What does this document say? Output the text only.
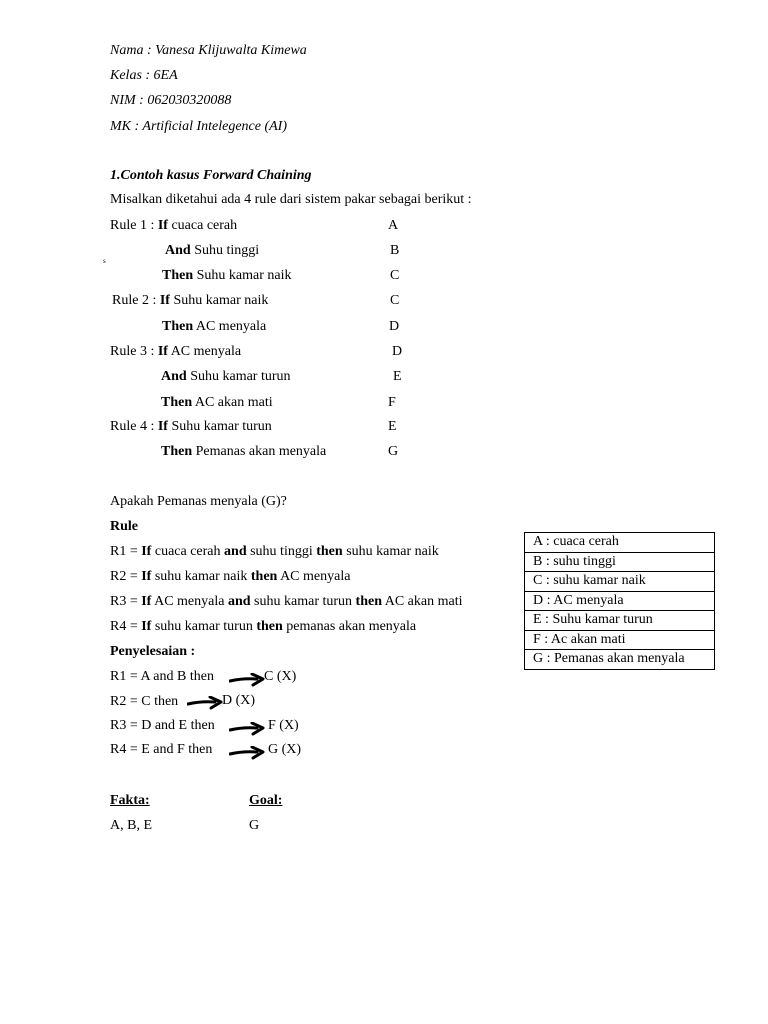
Nama : Vanesa Klijuwalta Kimewa
Kelas : 6EA
NIM : 062030320088
MK : Artificial Intelegence (AI)
1.Contoh kasus Forward Chaining
Misalkan diketahui ada 4 rule dari sistem pakar sebagai berikut :
s
Rule 1 : If cuaca cerah	A
And Suhu tinggi	B
Then Suhu kamar naik	C
Rule 2 : If Suhu kamar naik	C
Then AC menyala	D
Rule 3 : If AC menyala	D
And Suhu kamar turun	E
Then AC akan mati	F
Rule 4 : If Suhu kamar turun	E
Then Pemanas akan menyala	G
Apakah Pemanas menyala (G)?
Rule
R1 = If cuaca cerah and suhu tinggi then suhu kamar naik
R2 = If suhu kamar naik then AC menyala
R3 = If AC menyala and suhu kamar turun then AC akan mati
R4 = If suhu kamar turun then pemanas akan menyala
A : cuaca cerah
B : suhu tinggi
C : suhu kamar naik
D : AC menyala
E : Suhu kamar turun
F : Ac akan mati
G : Pemanas akan menyala
Penyelesaian :
R1 = A and B then	C (X)
R2 = C then	D (X)
R3 = D and E then	F (X)
R4 = E and F then	G (X)
Fakta:	Goal:
A, B, E	G
